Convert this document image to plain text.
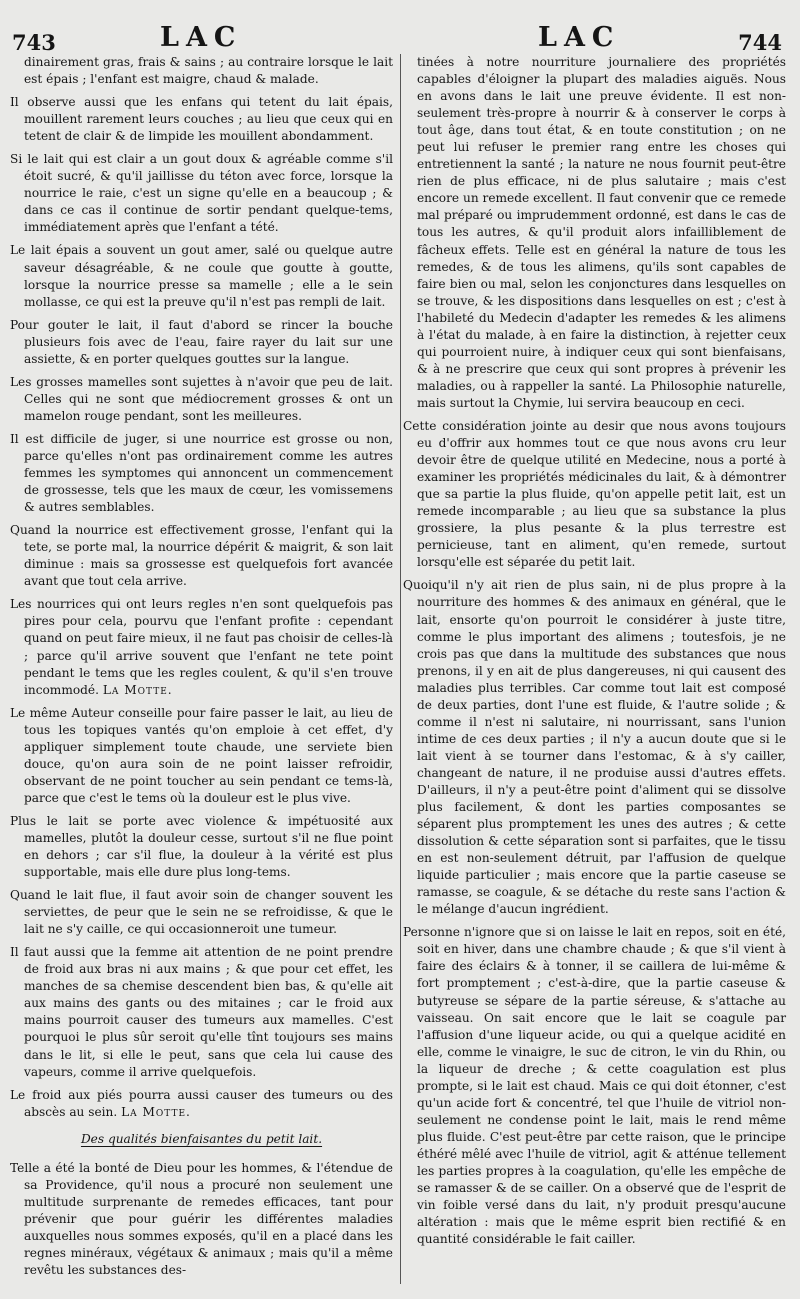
743	LAC	LAC	744

dinairement gras, frais & sains ; au contraire lorsque le lait est épais ; l'enfant est maigre, chaud & malade.

Il observe aussi que les enfans qui tetent du lait épais, mouillent rarement leurs couches ; au lieu que ceux qui en tetent de clair & de limpide les mouillent abondamment.

Si le lait qui est clair a un gout doux & agréable comme s'il étoit sucré, & qu'il jaillisse du téton avec force, lorsque la nourrice le raie, c'est un signe qu'elle en a beaucoup ; & dans ce cas il continue de sortir pendant quelque-tems, immédiatement après que l'enfant a tété.

Le lait épais a souvent un gout amer, salé ou quelque autre saveur désagréable, & ne coule que goutte à goutte, lorsque la nourrice presse sa mamelle ; elle a le sein mollasse, ce qui est la preuve qu'il n'est pas rempli de lait.

Pour gouter le lait, il faut d'abord se rincer la bouche plusieurs fois avec de l'eau, faire rayer du lait sur une assiette, & en porter quelques gouttes sur la langue.

Les grosses mamelles sont sujettes à n'avoir que peu de lait. Celles qui ne sont que médiocrement grosses & ont un mamelon rouge pendant, sont les meilleures.

Il est difficile de juger, si une nourrice est grosse ou non, parce qu'elles n'ont pas ordinairement comme les autres femmes les symptomes qui annoncent un commencement de grossesse, tels que les maux de cœur, les vomissemens & autres semblables.

Quand la nourrice est effectivement grosse, l'enfant qui la tete, se porte mal, la nourrice dépérit & maigrit, & son lait diminue : mais sa grossesse est quelquefois fort avancée avant que tout cela arrive.

Les nourrices qui ont leurs regles n'en sont quelquefois pas pires pour cela, pourvu que l'enfant profite : cependant quand on peut faire mieux, il ne faut pas choisir de celles-là ; parce qu'il arrive souvent que l'enfant ne tete point pendant le tems que les regles coulent, & qu'il s'en trouve incommodé. La Motte.

Le même Auteur conseille pour faire passer le lait, au lieu de tous les topiques vantés qu'on emploie à cet effet, d'y appliquer simplement toute chaude, une serviete bien douce, qu'on aura soin de ne point laisser refroidir, observant de ne point toucher au sein pendant ce tems-là, parce que c'est le tems où la douleur est le plus vive.

Plus le lait se porte avec violence & impétuosité aux mamelles, plutôt la douleur cesse, surtout s'il ne flue point en dehors ; car s'il flue, la douleur à la vérité est plus supportable, mais elle dure plus long-tems.

Quand le lait flue, il faut avoir soin de changer souvent les serviettes, de peur que le sein ne se refroidisse, & que le lait ne s'y caille, ce qui occasionneroit une tumeur.

Il faut aussi que la femme ait attention de ne point prendre de froid aux bras ni aux mains ; & que pour cet effet, les manches de sa chemise descendent bien bas, & qu'elle ait aux mains des gants ou des mitaines ; car le froid aux mains pourroit causer des tumeurs aux mamelles. C'est pourquoi le plus sûr seroit qu'elle tînt toujours ses mains dans le lit, si elle le peut, sans que cela lui cause des vapeurs, comme il arrive quelquefois.

Le froid aux piés pourra aussi causer des tumeurs ou des abscès au sein. La Motte.

Des qualités bienfaisantes du petit lait.

Telle a été la bonté de Dieu pour les hommes, & l'étendue de sa Providence, qu'il nous a procuré non seulement une multitude surprenante de remedes efficaces, tant pour prévenir que pour guérir les différentes maladies auxquelles nous sommes exposés, qu'il en a placé dans les regnes minéraux, végétaux & animaux ; mais qu'il a même revêtu les substances des-

tinées à notre nourriture journaliere des propriétés capables d'éloigner la plupart des maladies aiguës. Nous en avons dans le lait une preuve évidente. Il est non-seulement très-propre à nourrir & à conserver le corps à tout âge, dans tout état, & en toute constitution ; on ne peut lui refuser le premier rang entre les choses qui entretiennent la santé ; la nature ne nous fournit peut-être rien de plus efficace, ni de plus salutaire ; mais c'est encore un remede excellent. Il faut convenir que ce remede mal préparé ou imprudemment ordonné, est dans le cas de tous les autres, & qu'il produit alors infailliblement de fâcheux effets. Telle est en général la nature de tous les remedes, & de tous les alimens, qu'ils sont capables de faire bien ou mal, selon les conjonctures dans lesquelles on se trouve, & les dispositions dans lesquelles on est ; c'est à l'habileté du Medecin d'adapter les remedes & les alimens à l'état du malade, à en faire la distinction, à rejetter ceux qui pourroient nuire, à indiquer ceux qui sont bienfaisans, & à ne prescrire que ceux qui sont propres à prévenir les maladies, ou à rappeller la santé. La Philosophie naturelle, mais surtout la Chymie, lui servira beaucoup en ceci.

Cette considération jointe au desir que nous avons toujours eu d'offrir aux hommes tout ce que nous avons cru leur devoir être de quelque utilité en Medecine, nous a porté à examiner les propriétés médicinales du lait, & à démontrer que sa partie la plus fluide, qu'on appelle petit lait, est un remede incomparable ; au lieu que sa substance la plus grossiere, la plus pesante & la plus terrestre est pernicieuse, tant en aliment, qu'en remede, surtout lorsqu'elle est séparée du petit lait.

Quoiqu'il n'y ait rien de plus sain, ni de plus propre à la nourriture des hommes & des animaux en général, que le lait, ensorte qu'on pourroit le considérer à juste titre, comme le plus important des alimens ; toutesfois, je ne crois pas que dans la multitude des substances que nous prenons, il y en ait de plus dangereuses, ni qui causent des maladies plus terribles. Car comme tout lait est composé de deux parties, dont l'une est fluide, & l'autre solide ; & comme il n'est ni salutaire, ni nourrissant, sans l'union intime de ces deux parties ; il n'y a aucun doute que si le lait vient à se tourner dans l'estomac, & à s'y cailler, changeant de nature, il ne produise aussi d'autres effets. D'ailleurs, il n'y a peut-être point d'aliment qui se dissolve plus facilement, & dont les parties composantes se séparent plus promptement les unes des autres ; & cette dissolution & cette séparation sont si parfaites, que le tissu en est non-seulement détruit, par l'affusion de quelque liquide particulier ; mais encore que la partie caseuse se ramasse, se coagule, & se détache du reste sans l'action & le mélange d'aucun ingrédient.

Personne n'ignore que si on laisse le lait en repos, soit en été, soit en hiver, dans une chambre chaude ; & que s'il vient à faire des éclairs & à tonner, il se caillera de lui-même & fort promptement ; c'est-à-dire, que la partie caseuse & butyreuse se sépare de la partie séreuse, & s'attache au vaisseau. On sait encore que le lait se coagule par l'affusion d'une liqueur acide, ou qui a quelque acidité en elle, comme le vinaigre, le suc de citron, le vin du Rhin, ou la liqueur de dreche ; & cette coagulation est plus prompte, si le lait est chaud. Mais ce qui doit étonner, c'est qu'un acide fort & concentré, tel que l'huile de vitriol non-seulement ne condense point le lait, mais le rend même plus fluide. C'est peut-être par cette raison, que le principe éthéré mêlé avec l'huile de vitriol, agit & atténue tellement les parties propres à la coagulation, qu'elle les empêche de se ramasser & de se cailler. On a observé que de l'esprit de vin foible versé dans du lait, n'y produit presqu'aucune altération : mais que le même esprit bien rectifié & en quantité considérable le fait cailler.
